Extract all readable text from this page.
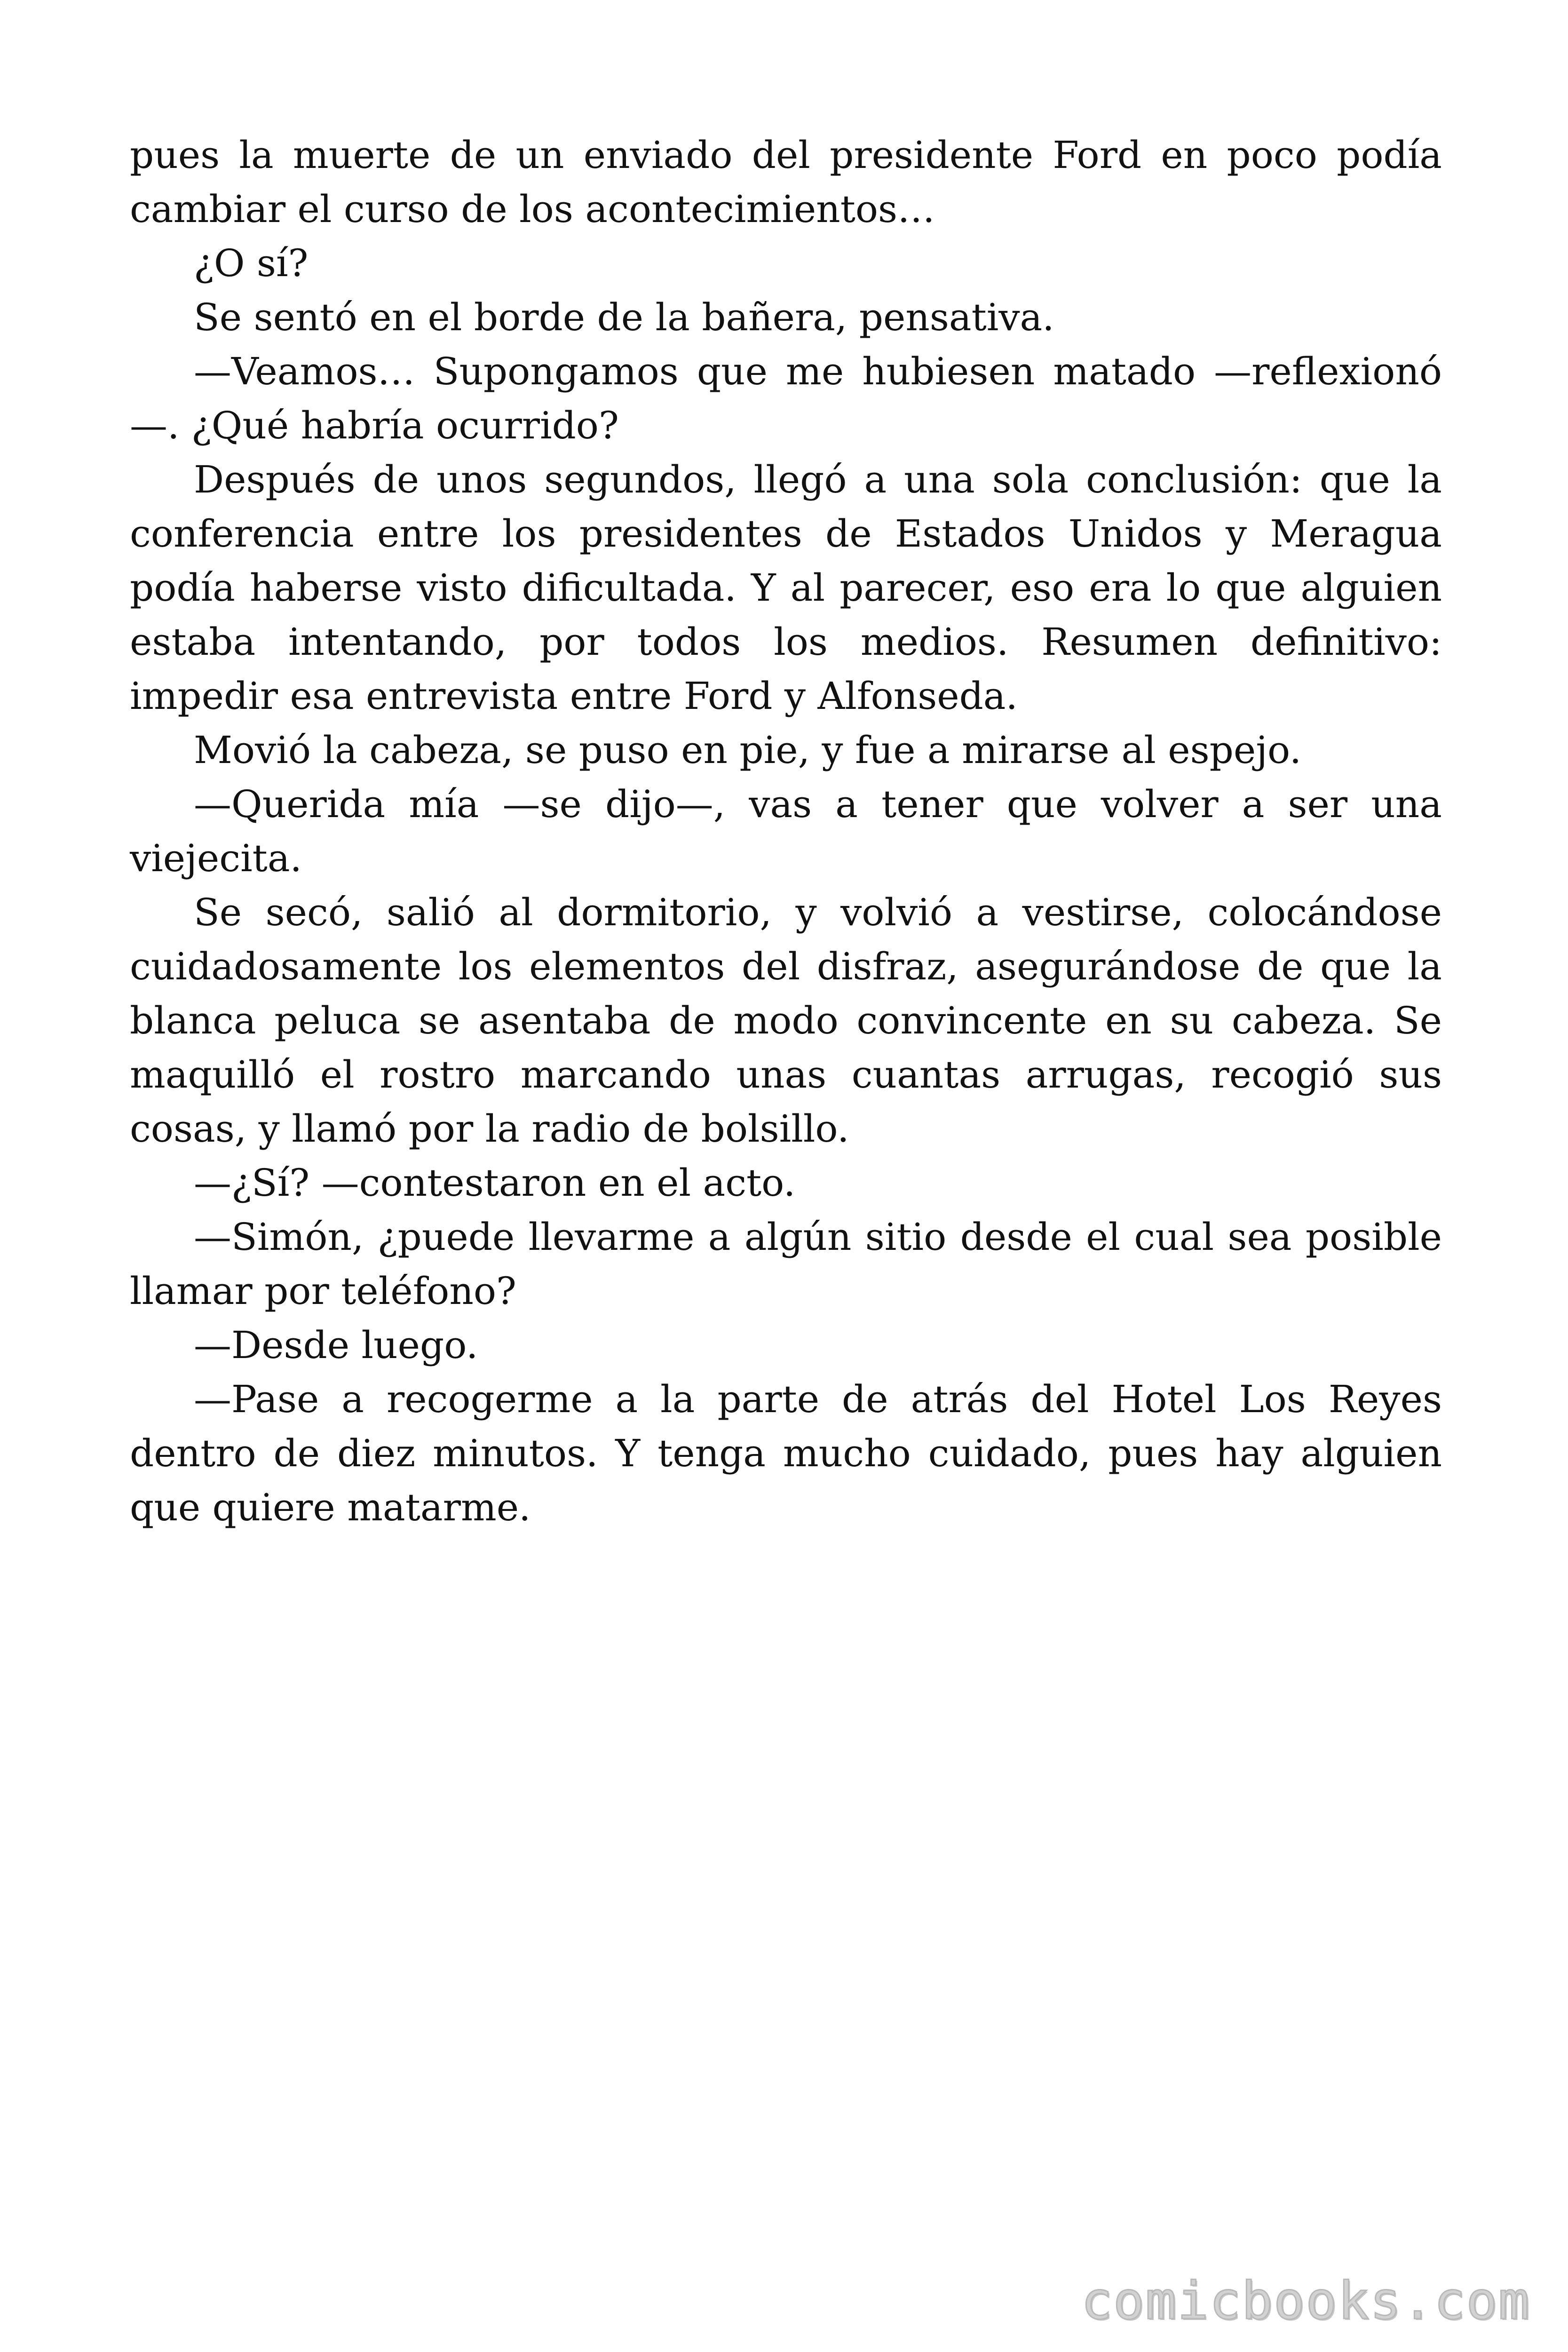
pues la muerte de un enviado del presidente Ford en poco podía cambiar el curso de los acontecimientos…

¿O sí?

Se sentó en el borde de la bañera, pensativa.

—Veamos… Supongamos que me hubiesen matado —reflexionó —. ¿Qué habría ocurrido?

Después de unos segundos, llegó a una sola conclusión: que la conferencia entre los presidentes de Estados Unidos y Meragua podía haberse visto dificultada. Y al parecer, eso era lo que alguien estaba intentando, por todos los medios. Resumen definitivo: impedir esa entrevista entre Ford y Alfonseda.

Movió la cabeza, se puso en pie, y fue a mirarse al espejo.

—Querida mía —se dijo—, vas a tener que volver a ser una viejecita.

Se secó, salió al dormitorio, y volvió a vestirse, colocándose cuidadosamente los elementos del disfraz, asegurándose de que la blanca peluca se asentaba de modo convincente en su cabeza. Se maquilló el rostro marcando unas cuantas arrugas, recogió sus cosas, y llamó por la radio de bolsillo.

—¿Sí? —contestaron en el acto.

—Simón, ¿puede llevarme a algún sitio desde el cual sea posible llamar por teléfono?

—Desde luego.

—Pase a recogerme a la parte de atrás del Hotel Los Reyes dentro de diez minutos. Y tenga mucho cuidado, pues hay alguien que quiere matarme.

comicbooks.com
